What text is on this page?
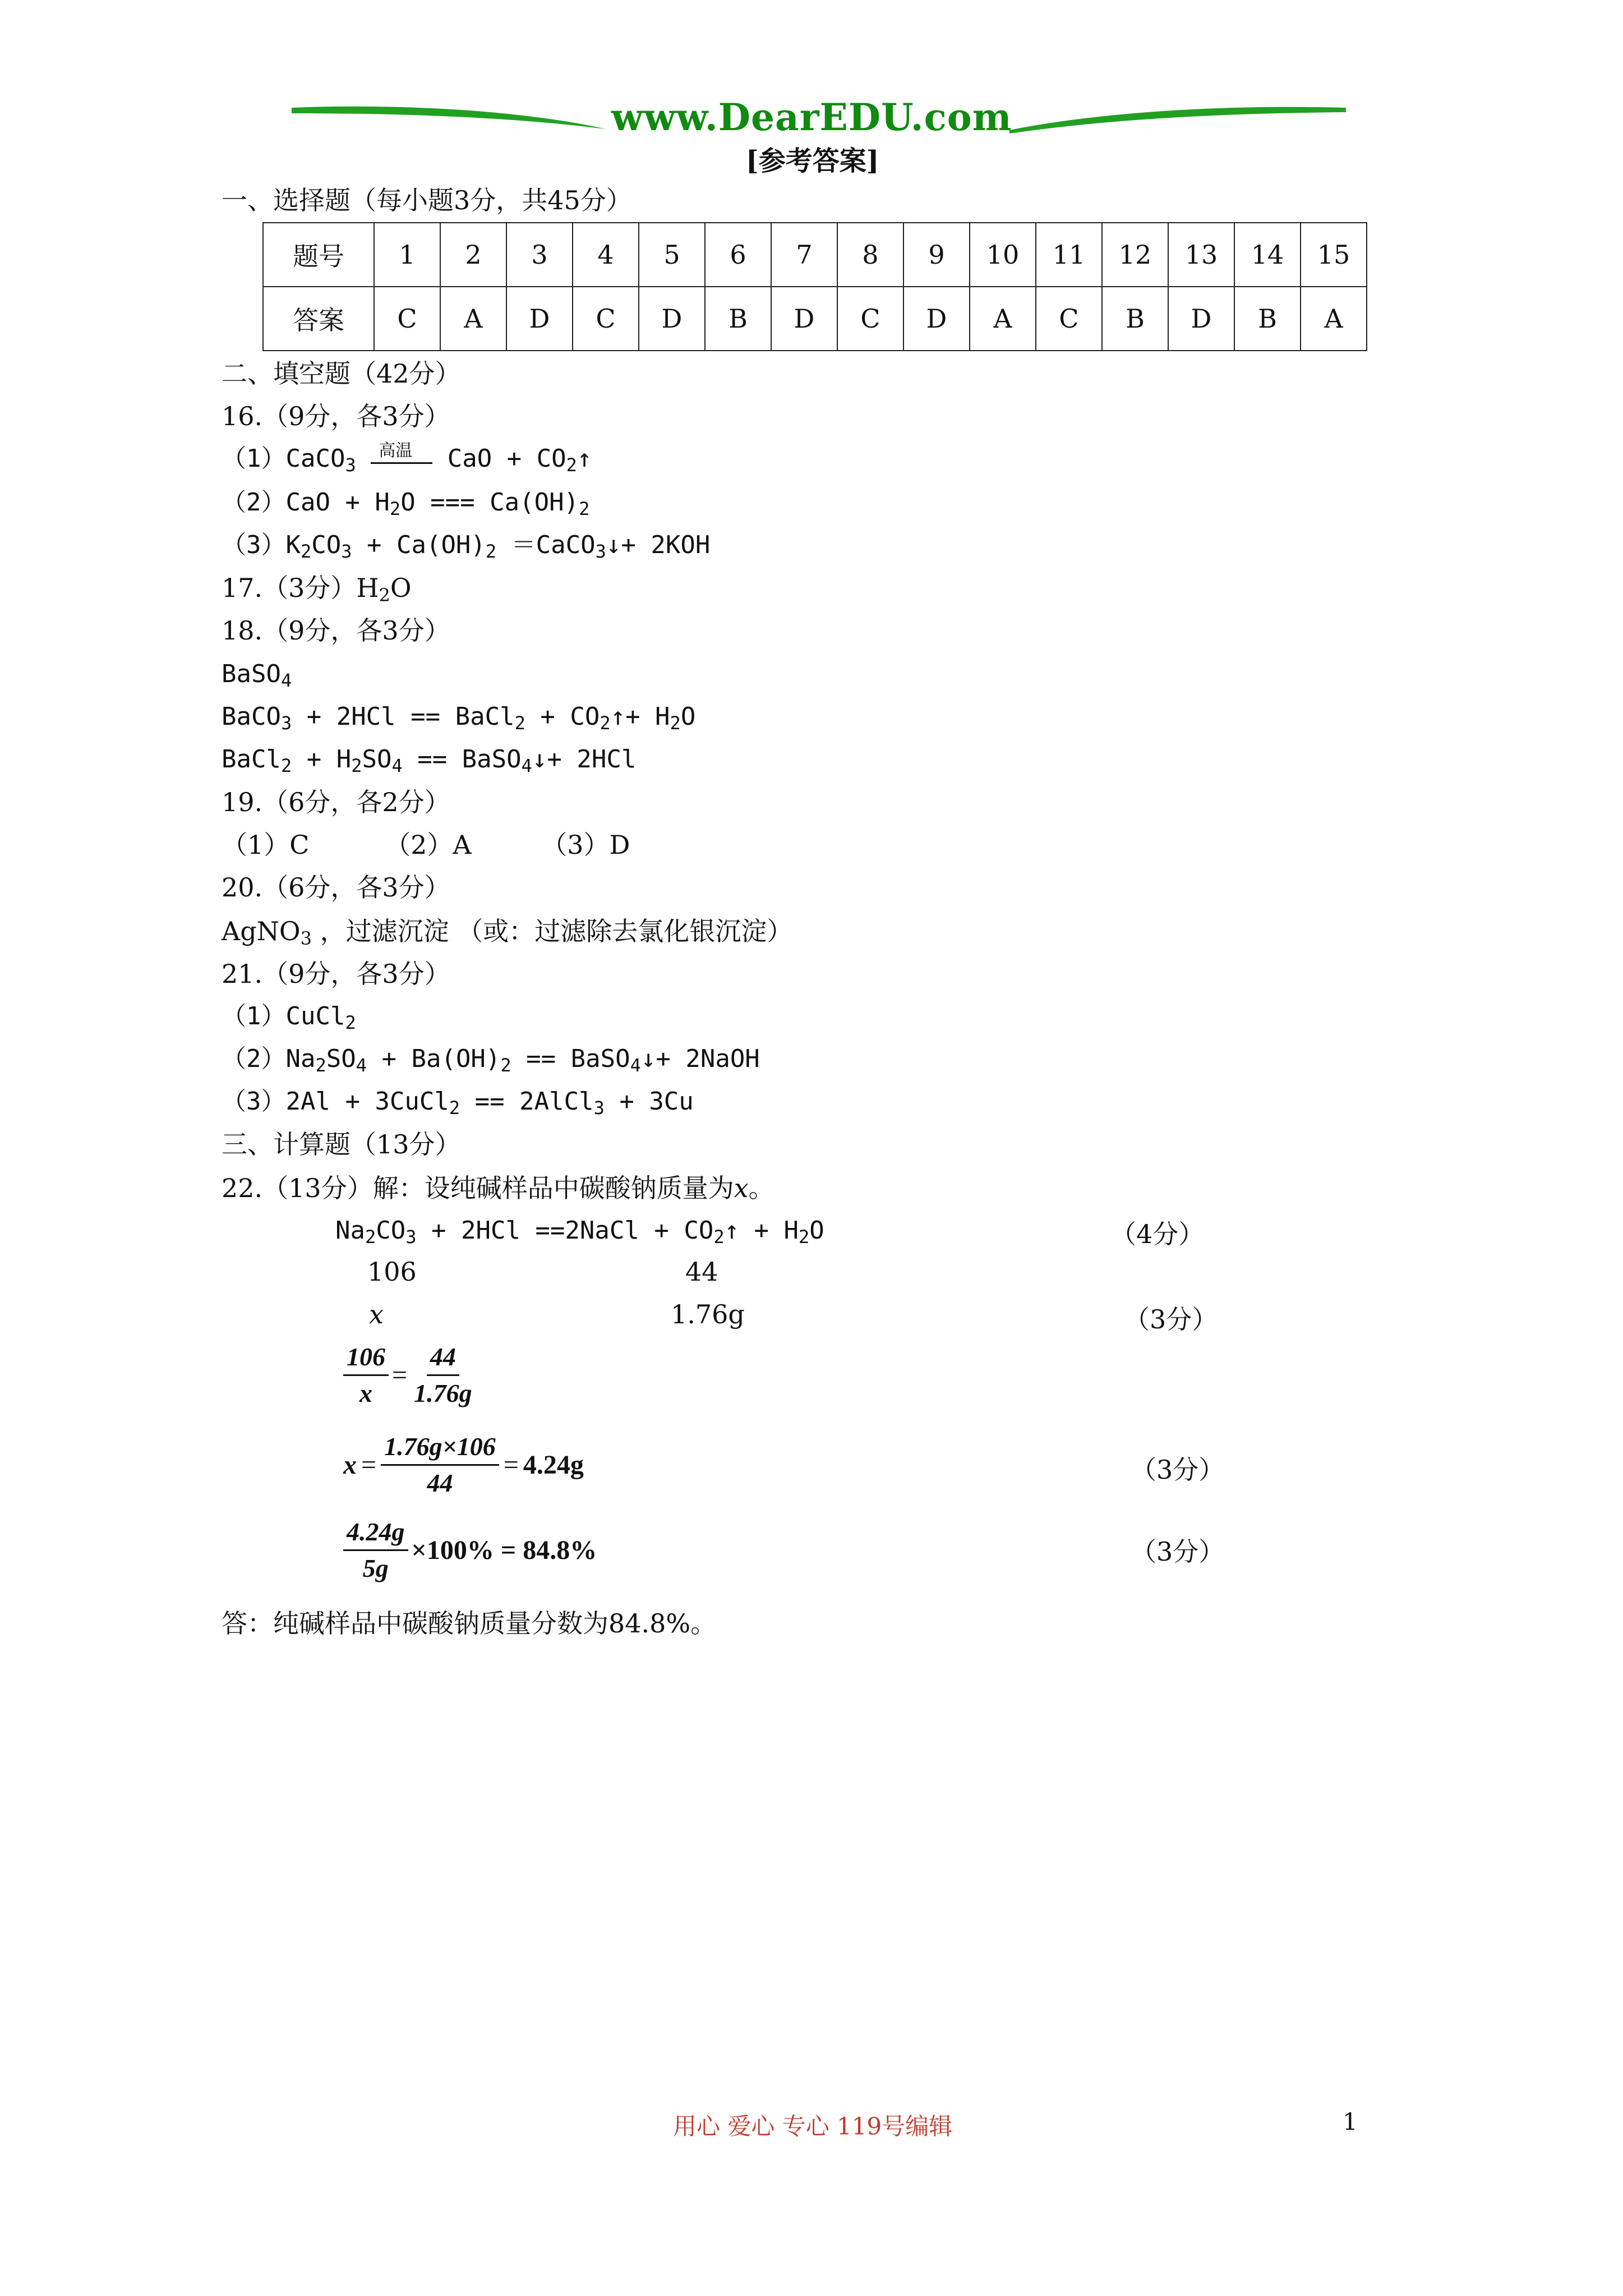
www.DearEDU.com
[参考答案]
一、选择题（每小题3分，共45分）
题号	1	2	3	4	5	6	7	8	9	10	11	12	13	14	15
答案	C	A	D	C	D	B	D	C	D	A	C	B	D	B	A
二、填空题（42分）
16.（9分，各3分）
（1）CaCO$_3$
高温 CaO + $CO_2↑$
$(2)CaO + H_2O$ === $Ca(OH)_2$
$(3)K_2CO_3 + Ca(OH)_2$ ＝CaCO$_3$↓+ 2KOH
17.（3分）$H_2O$
18.（9分，各3分）
BaSO$_4$
BaCO$_3$ + 2HCl == BaCl$_2$ + $CO_2↑+ H_2O$
BaCl$_2$ + $H_2SO_4$ == BaSO$_4$↓+ 2HCl
19.（6分，各2分）
（1）C	（2）A	（3）D
20.（6分，各3分）
AgNO$_3$ ，过滤沉淀 （或：过滤除去氯化银沉淀）
21.（9分，各3分）
（1）CuCl$_2$
$(2)Na_2SO_4 + Ba(OH)_2$ == BaSO$_4$↓+ 2NaOH
（3）2Al + 3CuCl$_2$ == 2AlCl$_3$ + 3Cu
三、计算题（13分）
22.（13分）解：设纯碱样品中碳酸钠质量为x。
$Na_2CO_3 + 2HCl$ ==2NaCl + $CO_2↑ + H_2O$	（4分）
106	44
x	1.76g	（3分）
$\frac{106}{x} = \frac{44}{1.76g}$
$x = \frac{1.76g\times 106}{44} = 4.24g$	（3分）
$\frac{4.24g}{5g} \times 100\% = 84.8\%$	（3分）
答：纯碱样品中碳酸钠质量分数为84.8%。
用心 爱心 专心 119号编辑	1
